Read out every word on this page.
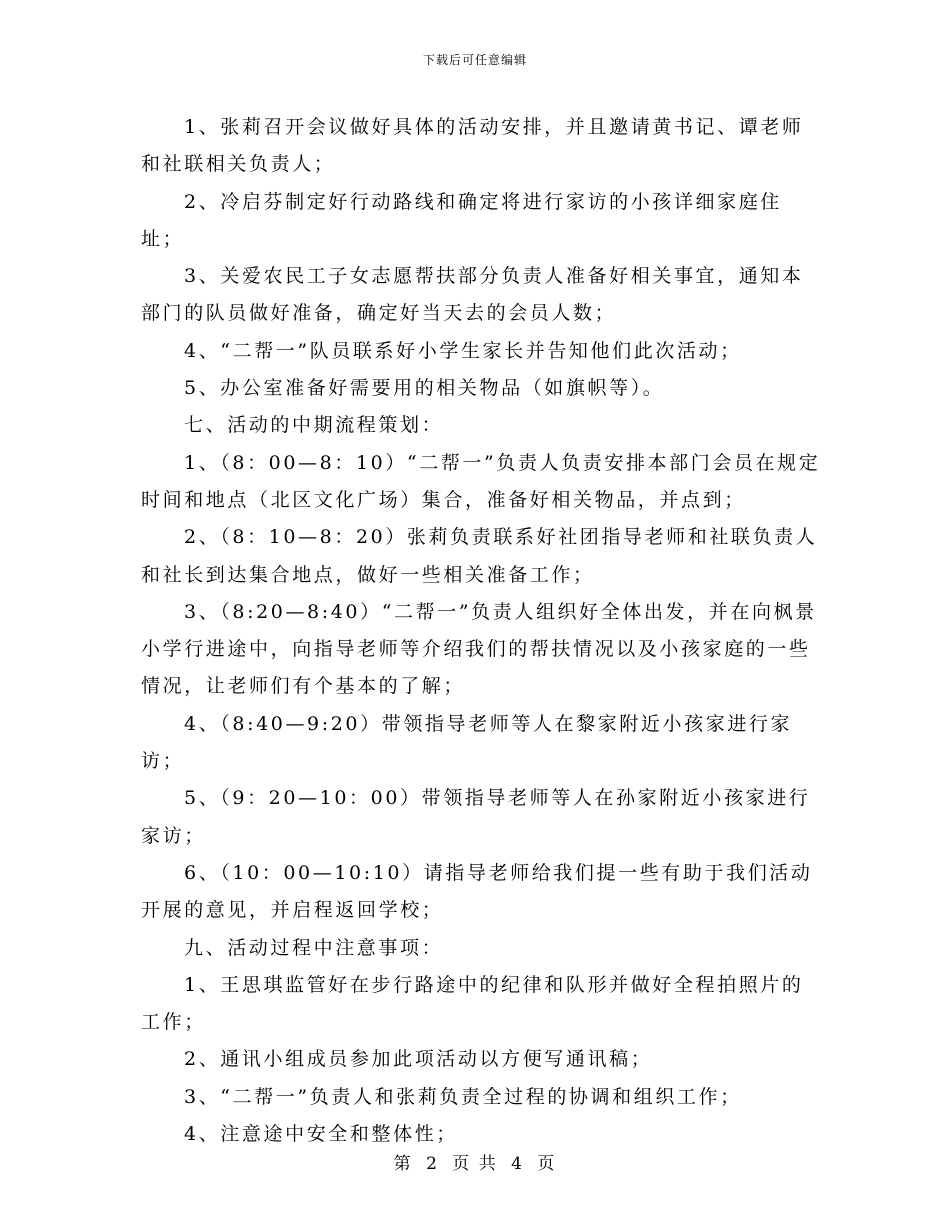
下载后可任意编辑

1、张莉召开会议做好具体的活动安排，并且邀请黄书记、谭老师和社联相关负责人；

2、冷启芬制定好行动路线和确定将进行家访的小孩详细家庭住址；

3、关爱农民工子女志愿帮扶部分负责人准备好相关事宜，通知本部门的队员做好准备，确定好当天去的会员人数；

4、“二帮一”队员联系好小学生家长并告知他们此次活动；

5、办公室准备好需要用的相关物品（如旗帜等）。

七、活动的中期流程策划：

1、（8：00—8：10）“二帮一”负责人负责安排本部门会员在规定时间和地点（北区文化广场）集合，准备好相关物品，并点到；

2、（8：10—8：20）张莉负责联系好社团指导老师和社联负责人和社长到达集合地点，做好一些相关准备工作；

3、（8:20—8:40）“二帮一”负责人组织好全体出发，并在向枫景小学行进途中，向指导老师等介绍我们的帮扶情况以及小孩家庭的一些情况，让老师们有个基本的了解；

4、（8:40—9:20）带领指导老师等人在黎家附近小孩家进行家访；

5、（9：20—10：00）带领指导老师等人在孙家附近小孩家进行家访；

6、（10：00—10:10）请指导老师给我们提一些有助于我们活动开展的意见，并启程返回学校；

九、活动过程中注意事项：

1、王思琪监管好在步行路途中的纪律和队形并做好全程拍照片的工作；

2、通讯小组成员参加此项活动以方便写通讯稿；

3、“二帮一”负责人和张莉负责全过程的协调和组织工作；

4、注意途中安全和整体性；

第 2 页 共 4 页
